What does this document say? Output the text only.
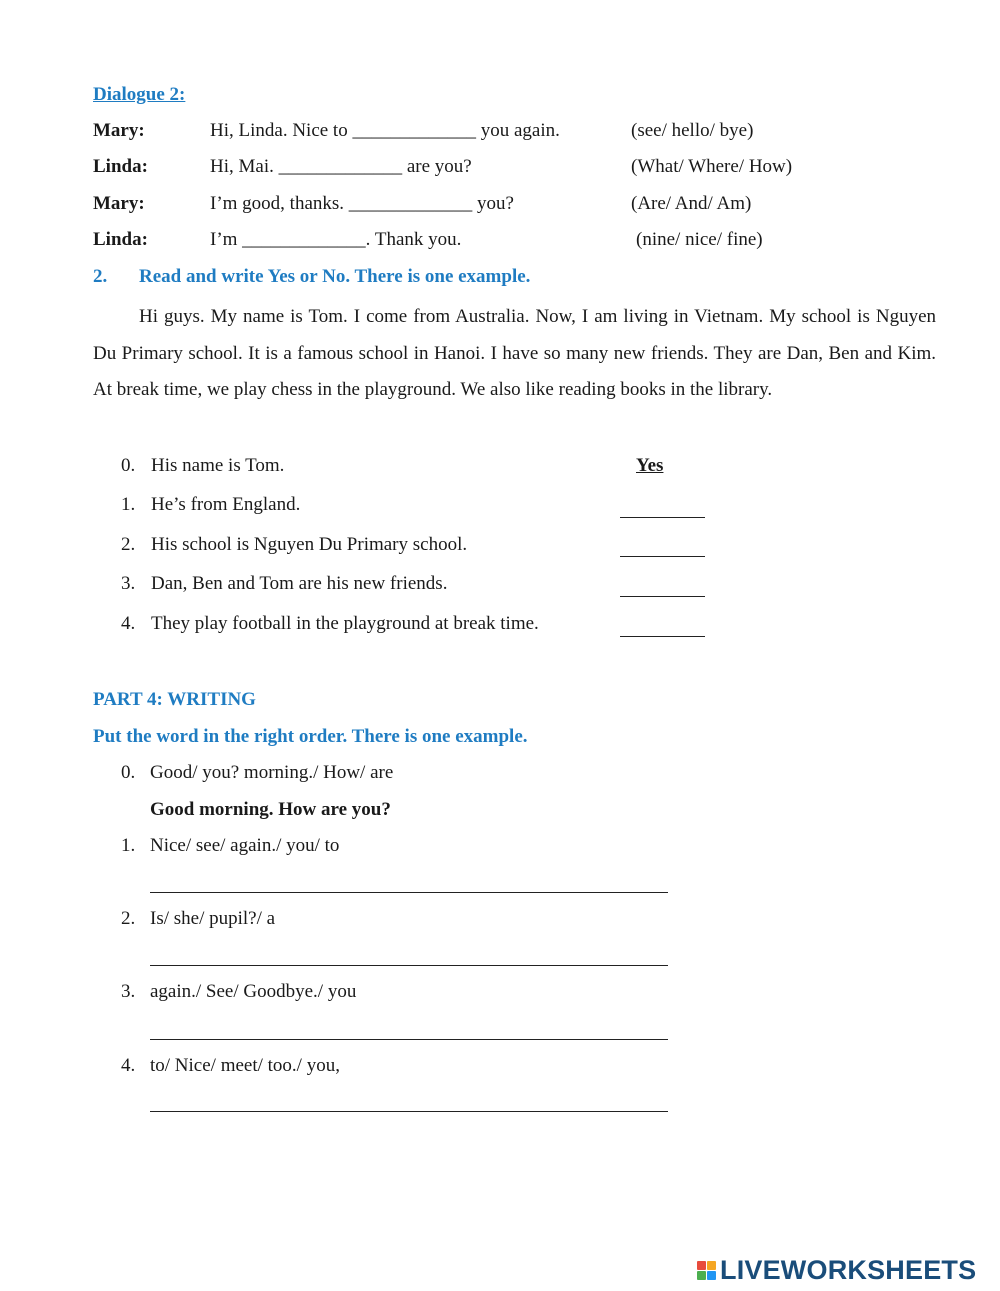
Dialogue 2:
Mary:	Hi, Linda. Nice to _____________ you again.	(see/ hello/ bye)
Linda:	Hi, Mai. _____________ are you?	(What/ Where/ How)
Mary:	I’m good, thanks. _____________ you?	(Are/ And/ Am)
Linda:	I’m _____________. Thank you.	(nine/ nice/ fine)
2. Read and write Yes or No. There is one example.
Hi guys. My name is Tom. I come from Australia. Now, I am living in Vietnam. My school is Nguyen Du Primary school. It is a famous school in Hanoi. I have so many new friends. They are Dan, Ben and Kim. At break time, we play chess in the playground. We also like reading books in the library.
0. His name is Tom.	Yes
1. He’s from England.
2. His school is Nguyen Du Primary school.
3. Dan, Ben and Tom are his new friends.
4. They play football in the playground at break time.
PART 4: WRITING
Put the word in the right order. There is one example.
0. Good/ you? morning./ How/ are
Good morning. How are you?
1. Nice/ see/ again./ you/ to
2. Is/ she/ pupil?/ a
3. again./ See/ Goodbye./ you
4. to/ Nice/ meet/ too./ you,
LIVEWORKSHEETS
